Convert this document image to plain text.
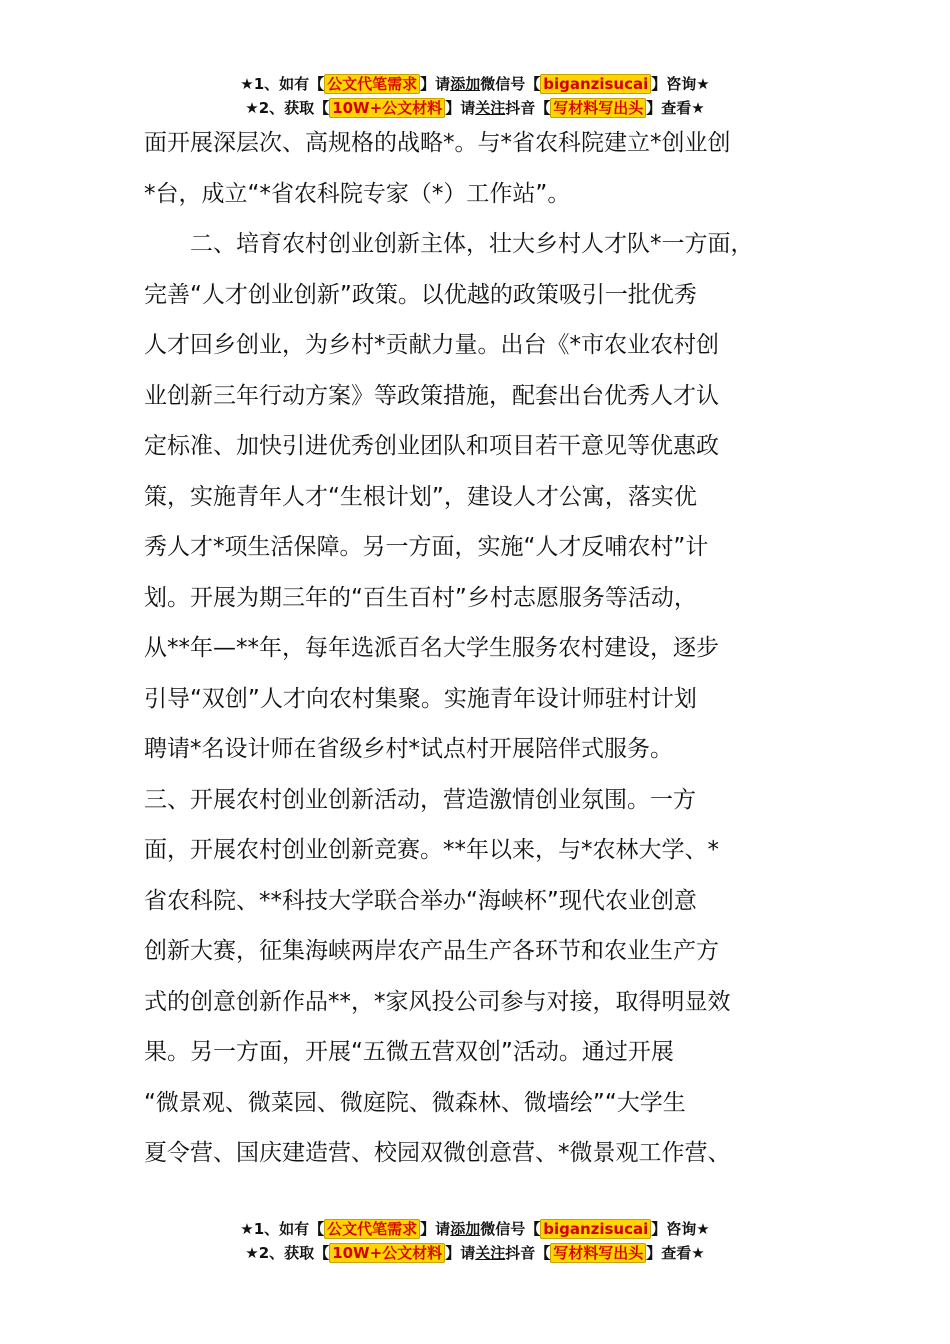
★1、如有【 公文代笔需求 】请添加微信号【 biganzisucai 】咨询★
★2、获取【 10W+公文材料 】请关注抖音【 写材料写出头 】查看★

面开展深层次、高规格的战略*。与*省农科院建立*创业创

*台，成立“*省农科院专家（*）工作站”。

二、培育农村创业创新主体，壮大乡村人才队*一方面，

完善“人才创业创新”政策。以优越的政策吸引一批优秀

人才回乡创业，为乡村*贡献力量。出台《*市农业农村创

业创新三年行动方案》等政策措施，配套出台优秀人才认

定标准、加快引进优秀创业团队和项目若干意见等优惠政

策，实施青年人才“生根计划”，建设人才公寓，落实优

秀人才*项生活保障。另一方面，实施“人才反哺农村”计

划。开展为期三年的“百生百村”乡村志愿服务等活动，

从**年—**年，每年选派百名大学生服务农村建设，逐步

引导“双创”人才向农村集聚。实施青年设计师驻村计划

聘请*名设计师在省级乡村*试点村开展陪伴式服务。

三、开展农村创业创新活动，营造激情创业氛围。一方

面，开展农村创业创新竞赛。**年以来，与*农林大学、*

省农科院、**科技大学联合举办“海峡杯”现代农业创意

创新大赛，征集海峡两岸农产品生产各环节和农业生产方

式的创意创新作品**，*家风投公司参与对接，取得明显效

果。另一方面，开展“五微五营双创”活动。通过开展

“微景观、微菜园、微庭院、微森林、微墙绘”“大学生

夏令营、国庆建造营、校园双微创意营、*微景观工作营、

★1、如有【 公文代笔需求 】请添加微信号【 biganzisucai 】咨询★
★2、获取【 10W+公文材料 】请关注抖音【 写材料写出头 】查看★
